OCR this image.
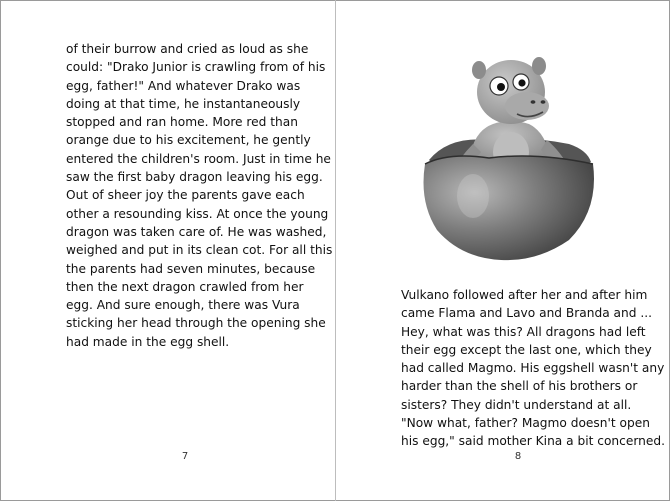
of their burrow and cried as loud as she
could: "Drako Junior is crawling from of his
egg, father!" And whatever Drako was
doing at that time, he instantaneously
stopped and ran home. More red than
orange due to his excitement, he gently
entered the children's room. Just in time he
saw the first baby dragon leaving his egg.
Out of sheer joy the parents gave each
other a resounding kiss. At once the young
dragon was taken care of. He was washed,
weighed and put in its clean cot. For all this
the parents had seven minutes, because
then the next dragon crawled from her
egg. And sure enough, there was Vura
sticking her head through the opening she
had made in the egg shell.

7

Vulkano followed after her and after him
came Flama and Lavo and Branda and ...
Hey, what was this? All dragons had left
their egg except the last one, which they
had called Magmo. His eggshell wasn't any
harder than the shell of his brothers or
sisters? They didn't understand at all.
"Now what, father? Magmo doesn't open
his egg," said mother Kina a bit concerned.

8
